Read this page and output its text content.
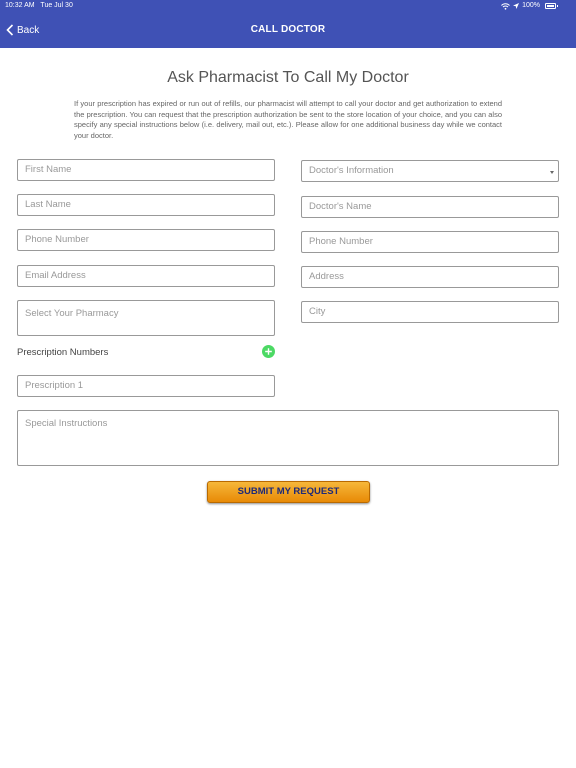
10:32 AM Tue Jul 30	100%
Back	CALL DOCTOR
Ask Pharmacist To Call My Doctor
If your prescription has expired or run out of refills, our pharmacist will attempt to call your doctor and get authorization to extend the prescription. You can request that the prescription authorization be sent to the store location of your choice, and you can also specify any special instructions below (i.e. delivery, mail out, etc.). Please allow for one additional business day while we contact your doctor.
First Name
Last Name
Phone Number
Email Address
Select Your Pharmacy
Prescription Numbers
Prescription 1
Doctor's Information
Doctor's Name
Phone Number
Address
City
Special Instructions
SUBMIT MY REQUEST
